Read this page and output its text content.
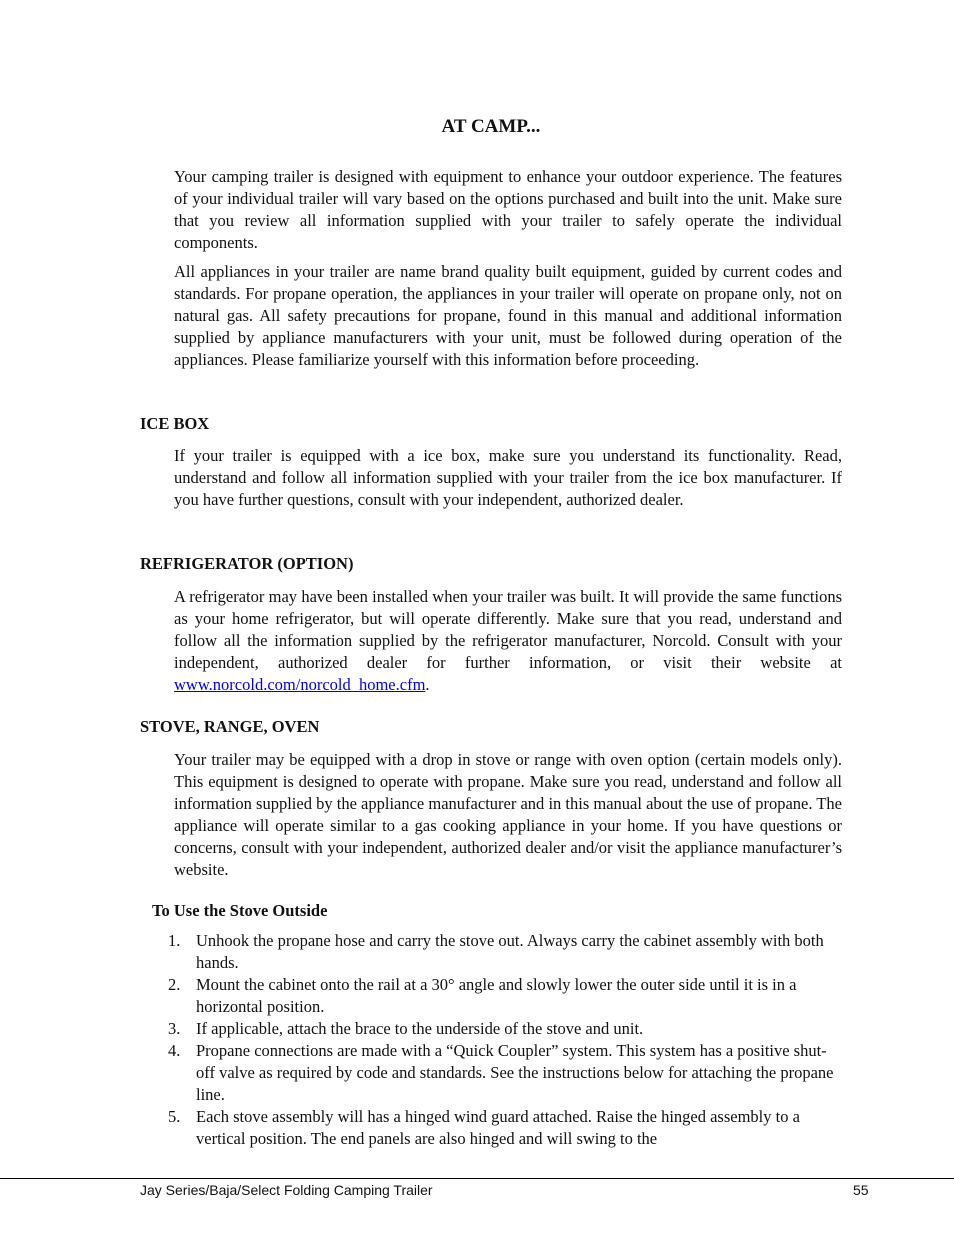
AT CAMP...

Your camping trailer is designed with equipment to enhance your outdoor experience. The features of your individual trailer will vary based on the options purchased and built into the unit. Make sure that you review all information supplied with your trailer to safely operate the individual components.

All appliances in your trailer are name brand quality built equipment, guided by current codes and standards. For propane operation, the appliances in your trailer will operate on propane only, not on natural gas. All safety precautions for propane, found in this manual and additional information supplied by appliance manufacturers with your unit, must be followed during operation of the appliances. Please familiarize yourself with this information before proceeding.

ICE BOX

If your trailer is equipped with a ice box, make sure you understand its functionality. Read, understand and follow all information supplied with your trailer from the ice box manufacturer. If you have further questions, consult with your independent, authorized dealer.

REFRIGERATOR (OPTION)

A refrigerator may have been installed when your trailer was built. It will provide the same functions as your home refrigerator, but will operate differently. Make sure that you read, understand and follow all the information supplied by the refrigerator manufacturer, Norcold. Consult with your independent, authorized dealer for further information, or visit their website at www.norcold.com/norcold_home.cfm.

STOVE, RANGE, OVEN

Your trailer may be equipped with a drop in stove or range with oven option (certain models only). This equipment is designed to operate with propane. Make sure you read, understand and follow all information supplied by the appliance manufacturer and in this manual about the use of propane. The appliance will operate similar to a gas cooking appliance in your home. If you have questions or concerns, consult with your independent, authorized dealer and/or visit the appliance manufacturer’s website.

To Use the Stove Outside
1. Unhook the propane hose and carry the stove out. Always carry the cabinet assembly with both hands.
2. Mount the cabinet onto the rail at a 30° angle and slowly lower the outer side until it is in a horizontal position.
3. If applicable, attach the brace to the underside of the stove and unit.
4. Propane connections are made with a “Quick Coupler” system. This system has a positive shut-off valve as required by code and standards. See the instructions below for attaching the propane line.
5. Each stove assembly will has a hinged wind guard attached. Raise the hinged assembly to a vertical position. The end panels are also hinged and will swing to the
Jay Series/Baja/Select Folding Camping Trailer	55
